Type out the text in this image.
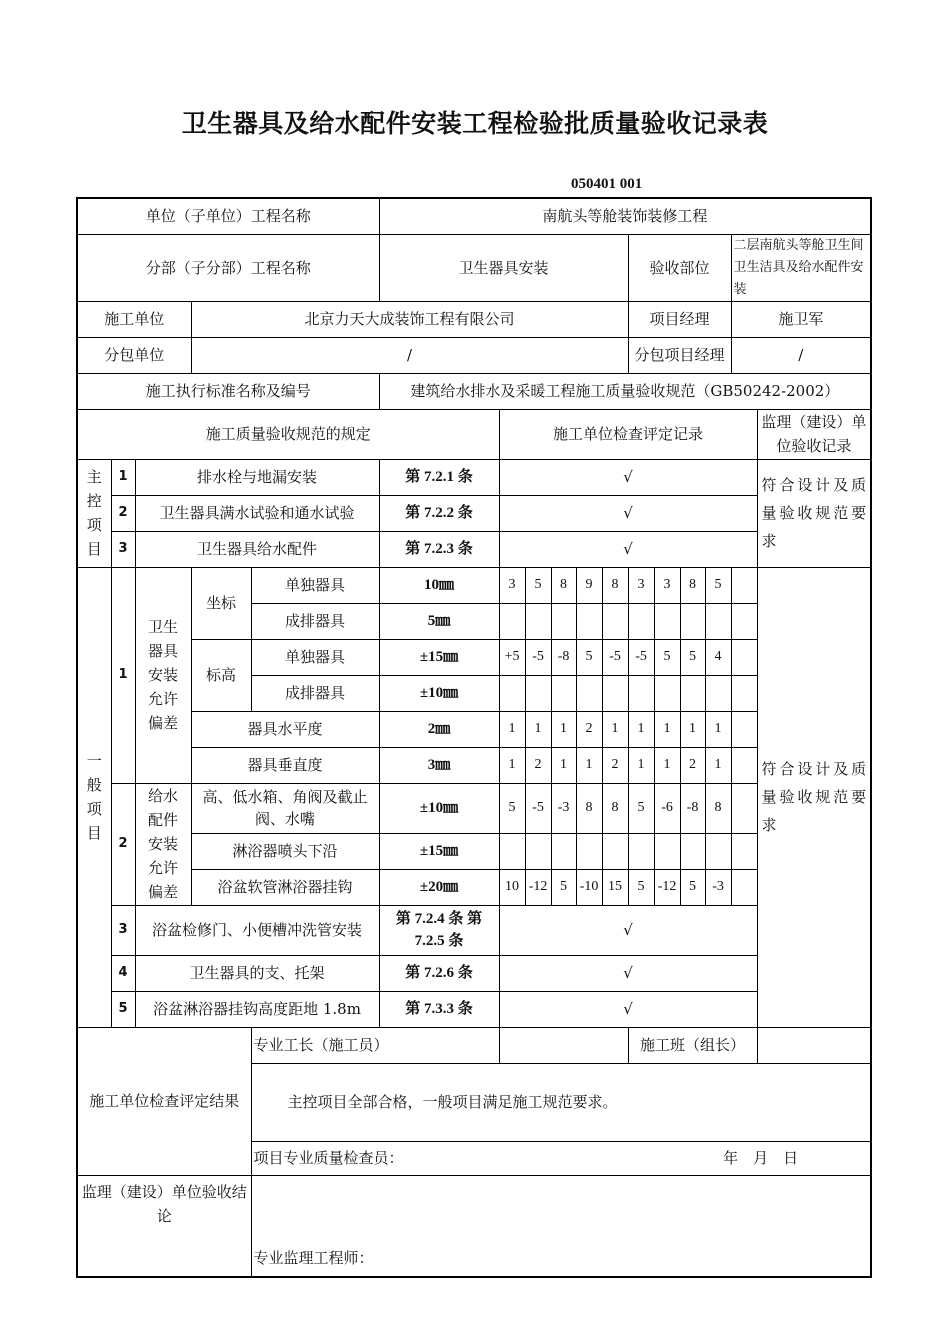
卫生器具及给水配件安装工程检验批质量验收记录表
050401 001
单位（子单位）工程名称					南航头等舱装饰装修工程											
分部（子分部）工程名称					卫生器具安装						验收部位				二层南航头等舱卫生间卫生洁具及给水配件安装	
施工单位			北京力天大成装饰工程有限公司								项目经理				施卫军	
分包单位			/								分包项目经理				/	
施工执行标准名称及编号					建筑给水排水及采暖工程施工质量验收规范（GB50242-2002）											
施工质量验收规范的规定						施工单位检查评定记录										监理（建设）单位验收记录
主
控
项
目	1	排水栓与地漏安装			第 7.2.1 条	√										符合设计及质量验收规范要求
	2	卫生器具满水试验和通水试验			第 7.2.2 条	√										
	3	卫生器具给水配件			第 7.2.3 条	√										
一
般
项
目	1	卫生
器具
安装
允许
偏差	坐标	单独器具	10㎜	3	5	8	9	8	3	3	8	5		符合设计及质量验收规范要求
				成排器具	5㎜											
			标高	单独器具	±15㎜	+5	-5	-8	5	-5	-5	5	5	4		
				成排器具	±10㎜											
			器具水平度		2㎜	1	1	1	2	1	1	1	1	1		
			器具垂直度		3㎜	1	2	1	1	2	1	1	2	1		
	2	给水
配件
安装
允许
偏差	高、低水箱、角阀及截止阀、水嘴		±10㎜	5	-5	-3	8	8	5	-6	-8	8		
			淋浴器喷头下沿		±15㎜											
			浴盆软管淋浴器挂钩		±20㎜	10	-12	5	-10	15	5	-12	5	-3		
	3	浴盆检修门、小便槽冲洗管安装			第 7.2.4 条 第 7.2.5 条	√										
	4	卫生器具的支、托架			第 7.2.6 条	√										
	5	浴盆淋浴器挂钩高度距地 1.8m			第 7.3.3 条	√										
施工单位检查评定结果				专业工长（施工员）							施工班（组长）					
				主控项目全部合格，一般项目满足施工规范要求。												
				项目专业质量检查员： 年　月　日												

监理（建设）单位验收结论				专业监理工程师：												
